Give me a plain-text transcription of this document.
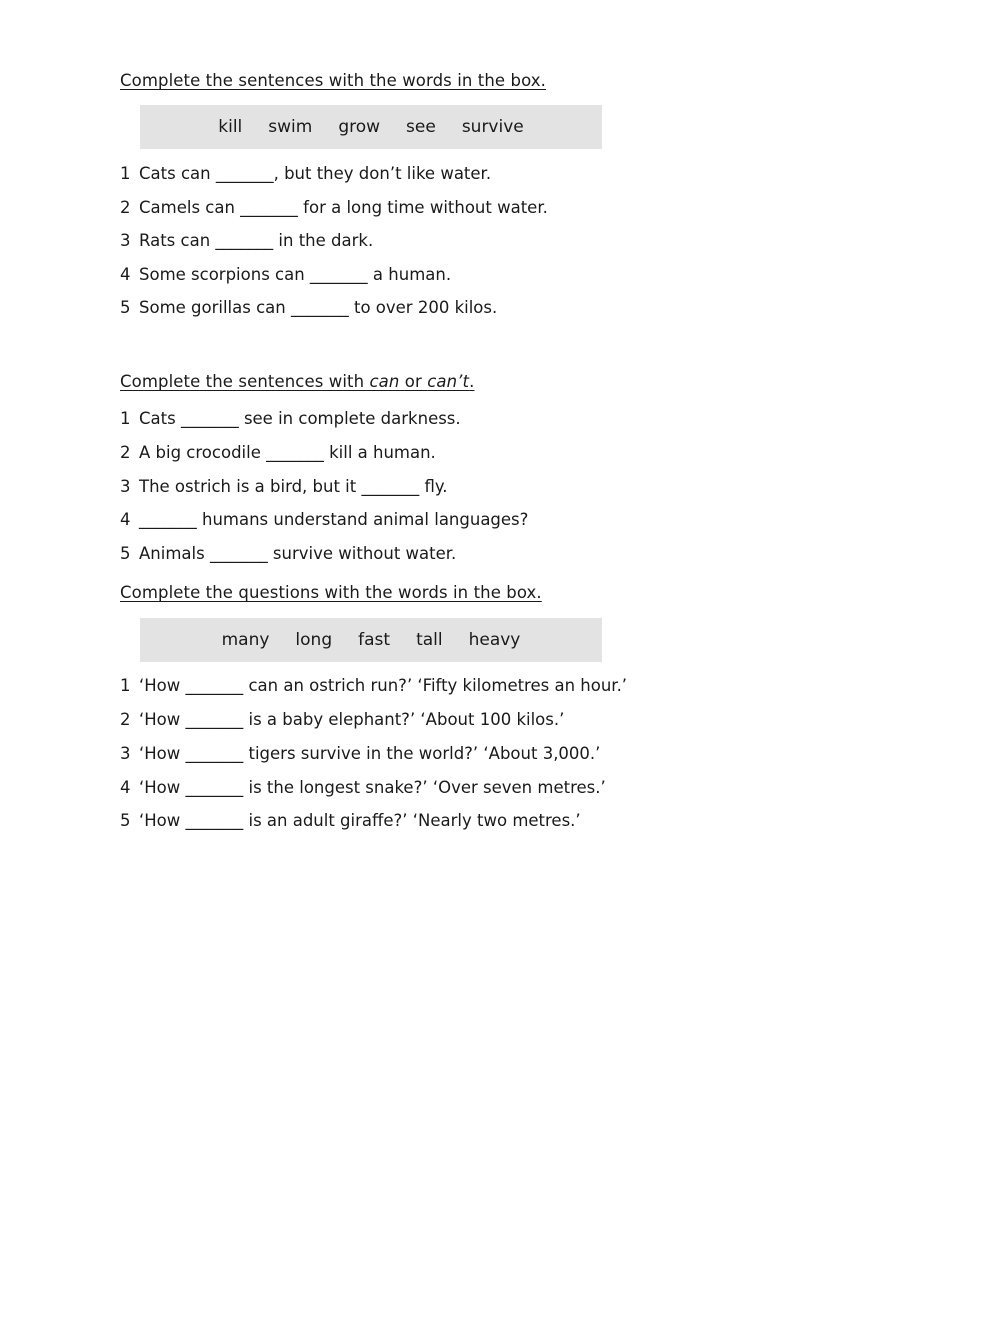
Complete the sentences with the words in the box.
kill	swim	grow	see	survive
1 Cats can _______, but they don’t like water.
2 Camels can _______ for a long time without water.
3 Rats can _______ in the dark.
4 Some scorpions can _______ a human.
5 Some gorillas can _______ to over 200 kilos.
Complete the sentences with can or can’t.
1 Cats _______ see in complete darkness.
2 A big crocodile _______ kill a human.
3 The ostrich is a bird, but it _______ fly.
4 _______ humans understand animal languages?
5 Animals _______ survive without water.
Complete the questions with the words in the box.
many	long	fast	tall	heavy
1 ‘How _______ can an ostrich run?’ ‘Fifty kilometres an hour.’
2 ‘How _______ is a baby elephant?’ ‘About 100 kilos.’
3 ‘How _______ tigers survive in the world?’ ‘About 3,000.’
4 ‘How _______ is the longest snake?’ ‘Over seven metres.’
5 ‘How _______ is an adult giraffe?’ ‘Nearly two metres.’
